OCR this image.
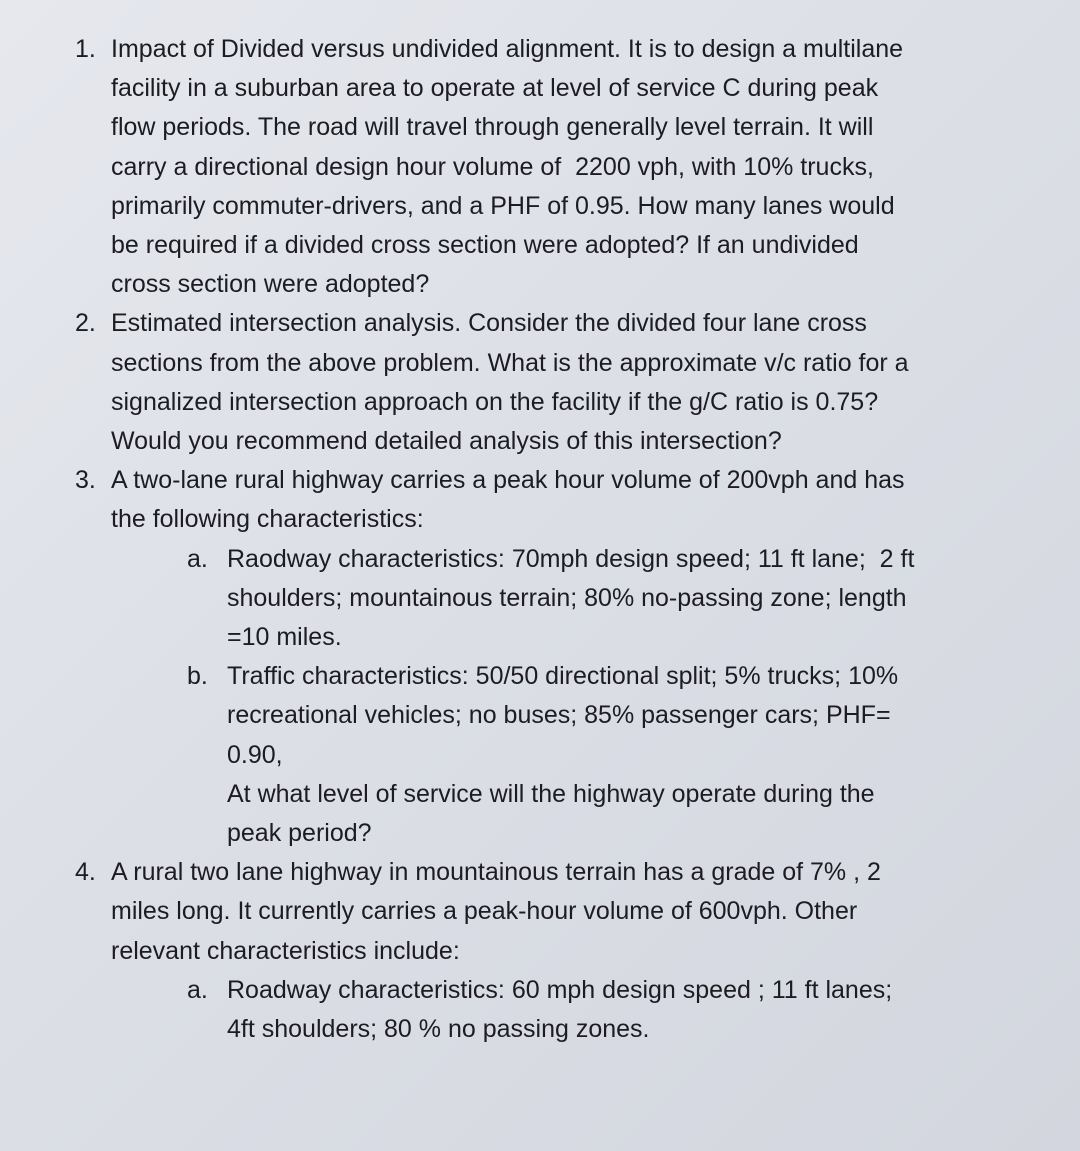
1. Impact of Divided versus undivided alignment. It is to design a multilane
facility in a suburban area to operate at level of service C during peak
flow periods. The road will travel through generally level terrain. It will
carry a directional design hour volume of  2200 vph, with 10% trucks,
primarily commuter-drivers, and a PHF of 0.95. How many lanes would
be required if a divided cross section were adopted? If an undivided
cross section were adopted?
2. Estimated intersection analysis. Consider the divided four lane cross
sections from the above problem. What is the approximate v/c ratio for a
signalized intersection approach on the facility if the g/C ratio is 0.75?
Would you recommend detailed analysis of this intersection?
3. A two-lane rural highway carries a peak hour volume of 200vph and has
the following characteristics:
a. Raodway characteristics: 70mph design speed; 11 ft lane;  2 ft
shoulders; mountainous terrain; 80% no-passing zone; length
=10 miles.
b. Traffic characteristics: 50/50 directional split; 5% trucks; 10%
recreational vehicles; no buses; 85% passenger cars; PHF=
0.90,
At what level of service will the highway operate during the
peak period?
4. A rural two lane highway in mountainous terrain has a grade of 7% , 2
miles long. It currently carries a peak-hour volume of 600vph. Other
relevant characteristics include:
a. Roadway characteristics: 60 mph design speed ; 11 ft lanes;
4ft shoulders; 80 % no passing zones.
